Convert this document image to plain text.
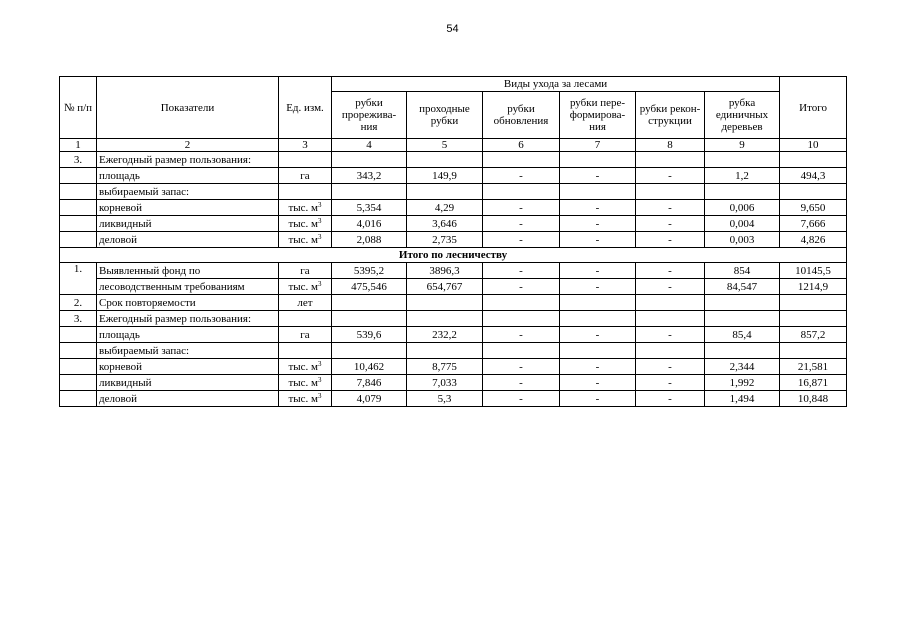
54
№ п/п	Показатели	Ед. изм.	Виды ухода за лесами						Итого
			рубки прорежива-ния	проходные рубки	рубки обновления	рубки пере-формирова-ния	рубки рекон-струкции	рубка единичных деревьев	
1	2	3	4	5	6	7	8	9	10
3.	Ежегодный размер пользования:								
	площадь	га	343,2	149,9	-	-	-	1,2	494,3
	выбираемый запас:								
	корневой	тыс. $м^3$	5,354	4,29	-	-	-	0,006	9,650
	ликвидный	тыс. $м^3$	4,016	3,646	-	-	-	0,004	7,666
	деловой	тыс. $м^3$	2,088	2,735	-	-	-	0,003	4,826
Итого по лесничеству									
1.	Выявленный фонд по	га	5395,2	3896,3	-	-	-	854	10145,5
	лесоводственным требованиям	тыс. $м^3$	475,546	654,767	-	-	-	84,547	1214,9
2.	Срок повторяемости	лет							
3.	Ежегодный размер пользования:								
	площадь	га	539,6	232,2	-	-	-	85,4	857,2
	выбираемый запас:								
	корневой	тыс. $м^3$	10,462	8,775	-	-	-	2,344	21,581
	ликвидный	тыс. $м^3$	7,846	7,033	-	-	-	1,992	16,871
	деловой	тыс. $м^3$	4,079	5,3	-	-	-	1,494	10,848
